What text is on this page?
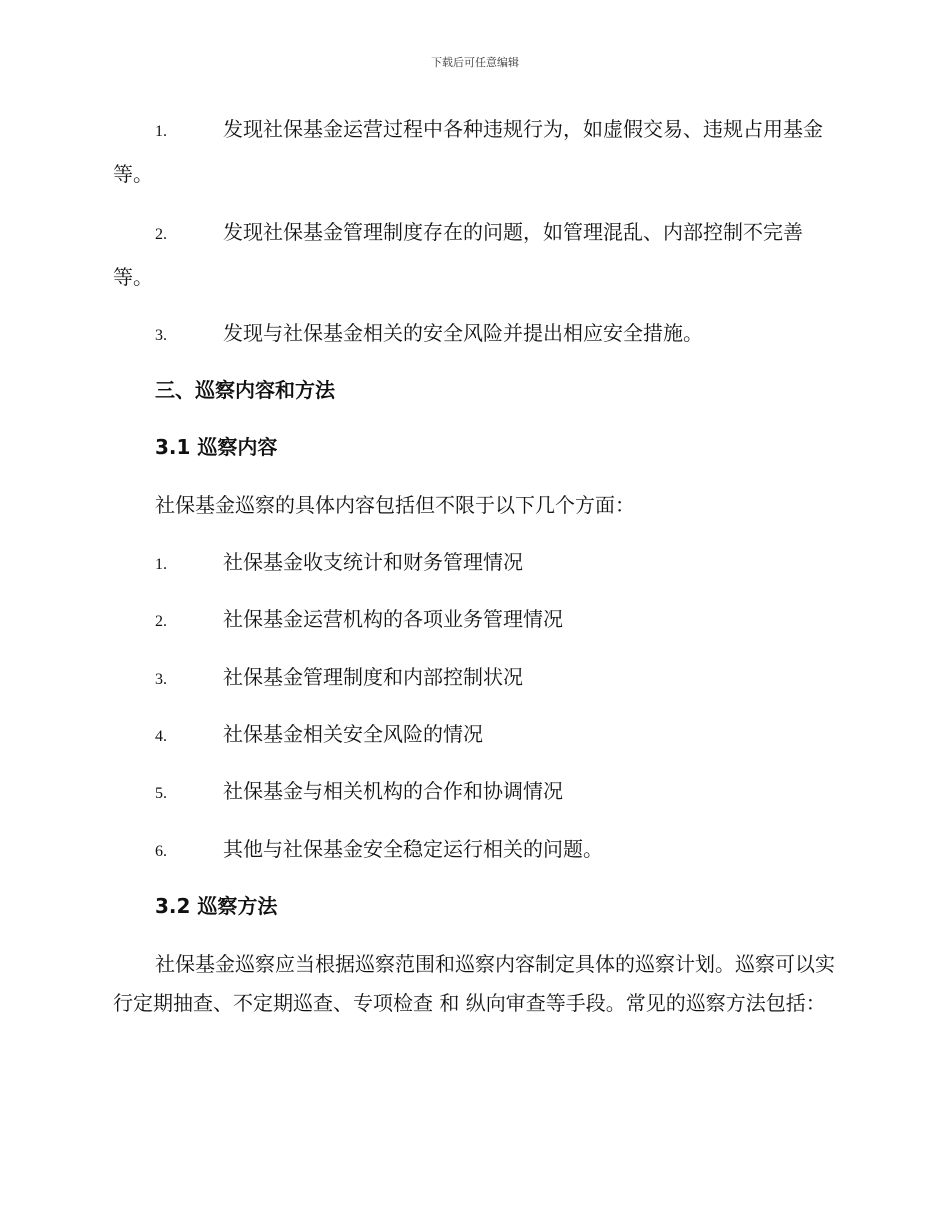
下载后可任意编辑
1.	发现社保基金运营过程中各种违规行为，如虚假交易、违规占用基金等。
2.	发现社保基金管理制度存在的问题，如管理混乱、内部控制不完善等。
3.	发现与社保基金相关的安全风险并提出相应安全措施。
三、巡察内容和方法
3.1 巡察内容
社保基金巡察的具体内容包括但不限于以下几个方面：
1.	社保基金收支统计和财务管理情况
2.	社保基金运营机构的各项业务管理情况
3.	社保基金管理制度和内部控制状况
4.	社保基金相关安全风险的情况
5.	社保基金与相关机构的合作和协调情况
6.	其他与社保基金安全稳定运行相关的问题。
3.2 巡察方法
社保基金巡察应当根据巡察范围和巡察内容制定具体的巡察计划。巡察可以实行定期抽查、不定期巡查、专项检查 和 纵向审查等手段。常见的巡察方法包括：
